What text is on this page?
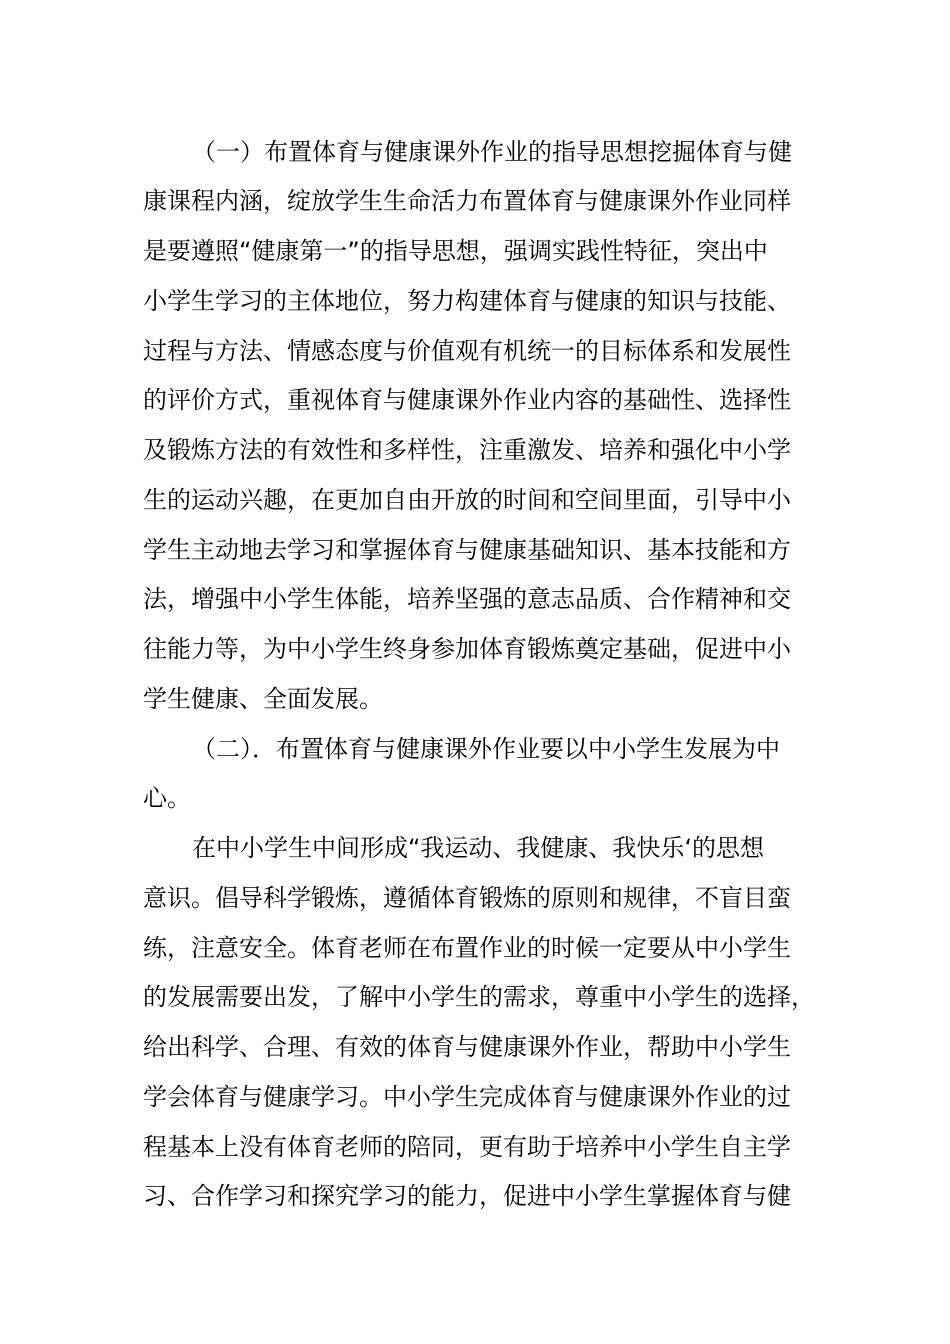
（一）布置体育与健康课外作业的指导思想挖掘体育与健
康课程内涵，绽放学生生命活力布置体育与健康课外作业同样
是要遵照“健康第一”的指导思想，强调实践性特征，突出中
小学生学习的主体地位，努力构建体育与健康的知识与技能、
过程与方法、情感态度与价值观有机统一的目标体系和发展性
的评价方式，重视体育与健康课外作业内容的基础性、选择性
及锻炼方法的有效性和多样性，注重激发、培养和强化中小学
生的运动兴趣，在更加自由开放的时间和空间里面，引导中小
学生主动地去学习和掌握体育与健康基础知识、基本技能和方
法，增强中小学生体能，培养坚强的意志品质、合作精神和交
往能力等，为中小学生终身参加体育锻炼奠定基础，促进中小
学生健康、全面发展。
（二）．布置体育与健康课外作业要以中小学生发展为中
心。
在中小学生中间形成“我运动、我健康、我快乐‘的思想
意识。倡导科学锻炼，遵循体育锻炼的原则和规律，不盲目蛮
练，注意安全。体育老师在布置作业的时候一定要从中小学生
的发展需要出发，了解中小学生的需求，尊重中小学生的选择，
给出科学、合理、有效的体育与健康课外作业，帮助中小学生
学会体育与健康学习。中小学生完成体育与健康课外作业的过
程基本上没有体育老师的陪同，更有助于培养中小学生自主学
习、合作学习和探究学习的能力，促进中小学生掌握体育与健
